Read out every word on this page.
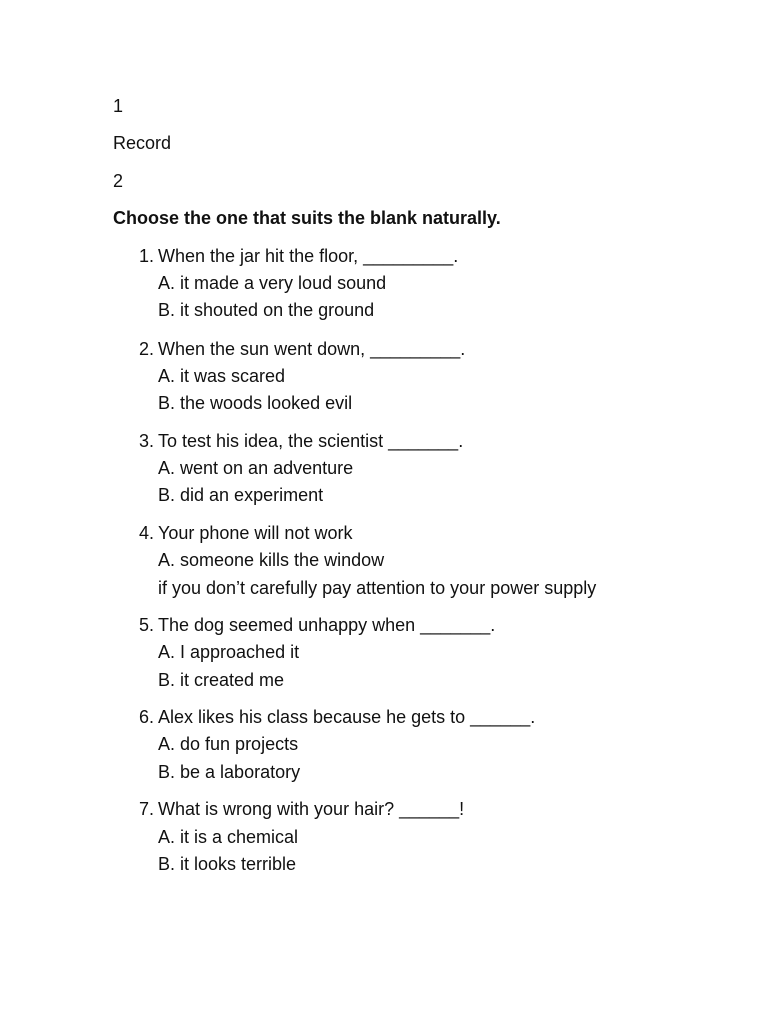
1
Record
2
Choose the one that suits the blank naturally.
1. When the jar hit the floor, _________.
A. it made a very loud sound
B. it shouted on the ground
2. When the sun went down, _________.
A. it was scared
B. the woods looked evil
3. To test his idea, the scientist _______.
A. went on an adventure
B. did an experiment
4. Your phone will not work
A. someone kills the window
if you don’t carefully pay attention to your power supply
5. The dog seemed unhappy when _______.
A. I approached it
B. it created me
6. Alex likes his class because he gets to ______.
A. do fun projects
B. be a laboratory
7. What is wrong with your hair? ______!
A. it is a chemical
B. it looks terrible
